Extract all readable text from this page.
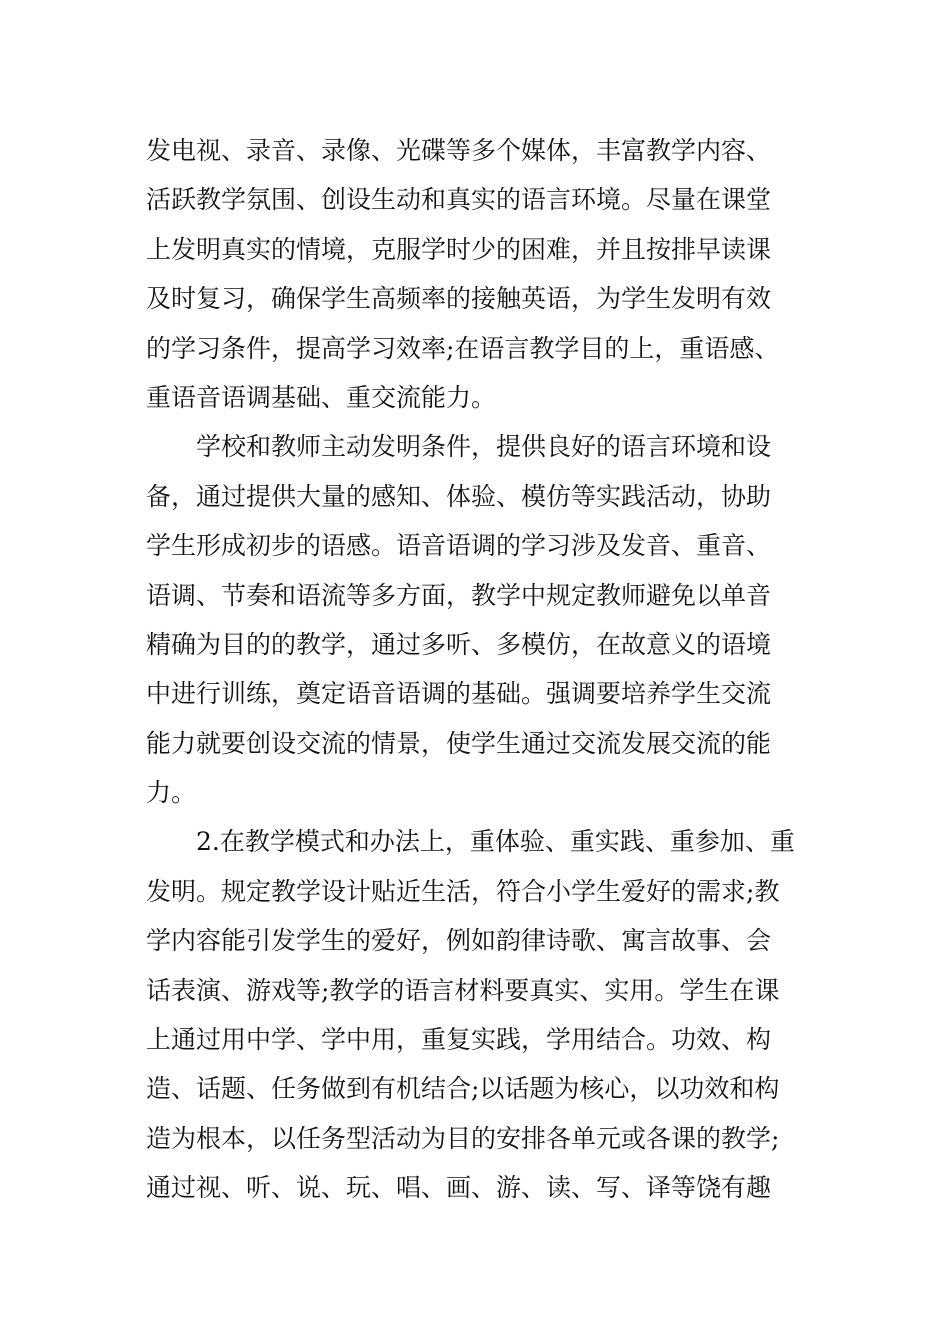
发电视、录音、录像、光碟等多个媒体，丰富教学内容、
活跃教学氛围、创设生动和真实的语言环境。尽量在课堂
上发明真实的情境，克服学时少的困难，并且按排早读课
及时复习，确保学生高频率的接触英语，为学生发明有效
的学习条件，提高学习效率;在语言教学目的上，重语感、
重语音语调基础、重交流能力。
学校和教师主动发明条件，提供良好的语言环境和设
备，通过提供大量的感知、体验、模仿等实践活动，协助
学生形成初步的语感。语音语调的学习涉及发音、重音、
语调、节奏和语流等多方面，教学中规定教师避免以单音
精确为目的的教学，通过多听、多模仿，在故意义的语境
中进行训练，奠定语音语调的基础。强调要培养学生交流
能力就要创设交流的情景，使学生通过交流发展交流的能
力。
2.在教学模式和办法上，重体验、重实践、重参加、重
发明。规定教学设计贴近生活，符合小学生爱好的需求;教
学内容能引发学生的爱好，例如韵律诗歌、寓言故事、会
话表演、游戏等;教学的语言材料要真实、实用。学生在课
上通过用中学、学中用，重复实践，学用结合。功效、构
造、话题、任务做到有机结合;以话题为核心，以功效和构
造为根本，以任务型活动为目的安排各单元或各课的教学;
通过视、听、说、玩、唱、画、游、读、写、译等饶有趣
